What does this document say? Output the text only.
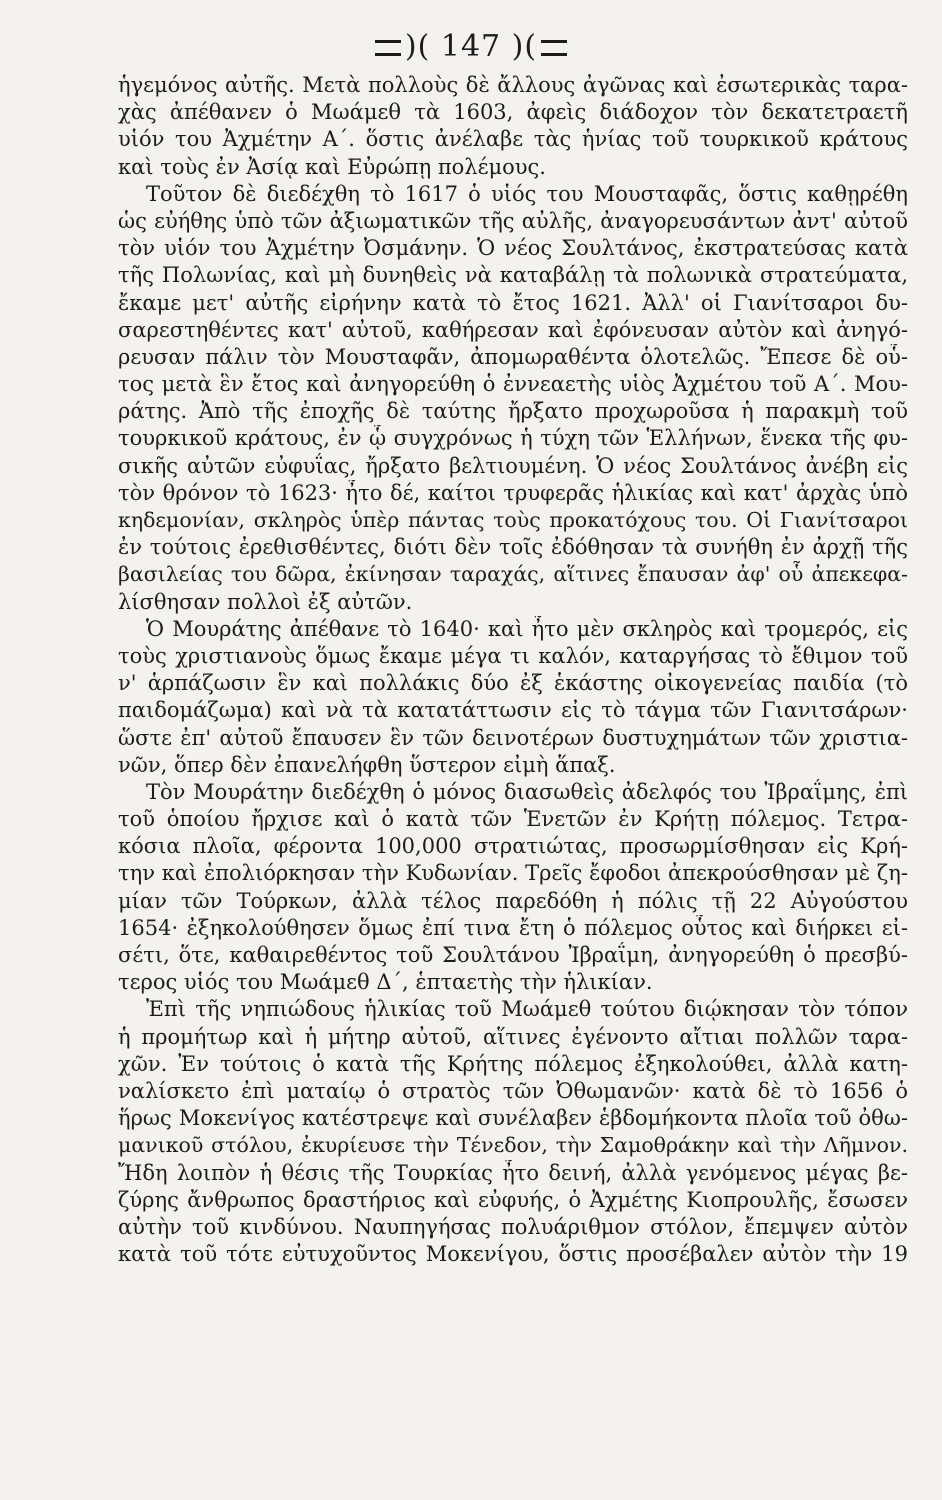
)( 147 )(
ἡγεμόνος αὐτῆς. Μετὰ πολλοὺς δὲ ἄλλους ἀγῶνας καὶ ἐσωτερικὰς ταρα-
χὰς ἀπέθανεν ὁ Μωάμεθ τὰ 1603, ἀφεὶς διάδοχον τὸν δεκατετραετῆ
υἱόν του Ἀχμέτην Α΄. ὅστις ἀνέλαβε τὰς ἡνίας τοῦ τουρκικοῦ κράτους
καὶ τοὺς ἐν Ἀσίᾳ καὶ Εὐρώπῃ πολέμους.
Τοῦτον δὲ διεδέχθη τὸ 1617 ὁ υἱός του Μουσταφᾶς, ὅστις καθῃρέθη
ὡς εὐήθης ὑπὸ τῶν ἀξιωματικῶν τῆς αὐλῆς, ἀναγορευσάντων ἀντ' αὐτοῦ
τὸν υἱόν του Ἀχμέτην Ὀσμάνην. Ὁ νέος Σουλτάνος, ἐκστρατεύσας κατὰ
τῆς Πολωνίας, καὶ μὴ δυνηθεὶς νὰ καταβάλῃ τὰ πολωνικὰ στρατεύματα,
ἔκαμε μετ' αὐτῆς εἰρήνην κατὰ τὸ ἔτος 1621. Ἀλλ' οἱ Γιανίτσαροι δυ-
σαρεστηθέντες κατ' αὐτοῦ, καθήρεσαν καὶ ἐφόνευσαν αὐτὸν καὶ ἀνηγό-
ρευσαν πάλιν τὸν Μουσταφᾶν, ἀπομωραθέντα ὁλοτελῶς. Ἔπεσε δὲ οὗ-
τος μετὰ ἓν ἔτος καὶ ἀνηγορεύθη ὁ ἐννεαετὴς υἱὸς Ἀχμέτου τοῦ Α΄. Μου-
ράτης. Ἀπὸ τῆς ἐποχῆς δὲ ταύτης ἤρξατο προχωροῦσα ἡ παρακμὴ τοῦ
τουρκικοῦ κράτους, ἐν ᾧ συγχρόνως ἡ τύχη τῶν Ἑλλήνων, ἕνεκα τῆς φυ-
σικῆς αὐτῶν εὐφυΐας, ἤρξατο βελτιουμένη. Ὁ νέος Σουλτάνος ἀνέβη εἰς
τὸν θρόνον τὸ 1623· ἦτο δέ, καίτοι τρυφερᾶς ἡλικίας καὶ κατ' ἀρχὰς ὑπὸ
κηδεμονίαν, σκληρὸς ὑπὲρ πάντας τοὺς προκατόχους του. Οἱ Γιανίτσαροι
ἐν τούτοις ἐρεθισθέντες, διότι δὲν τοῖς ἐδόθησαν τὰ συνήθη ἐν ἀρχῇ τῆς
βασιλείας του δῶρα, ἐκίνησαν ταραχάς, αἵτινες ἔπαυσαν ἀφ' οὗ ἀπεκεφα-
λίσθησαν πολλοὶ ἐξ αὐτῶν.
Ὁ Μουράτης ἀπέθανε τὸ 1640· καὶ ἦτο μὲν σκληρὸς καὶ τρομερός, εἰς
τοὺς χριστιανοὺς ὅμως ἔκαμε μέγα τι καλόν, καταργήσας τὸ ἔθιμον τοῦ
ν' ἁρπάζωσιν ἓν καὶ πολλάκις δύο ἐξ ἑκάστης οἰκογενείας παιδία (τὸ
παιδομάζωμα) καὶ νὰ τὰ κατατάττωσιν εἰς τὸ τάγμα τῶν Γιανιτσάρων·
ὥστε ἐπ' αὐτοῦ ἔπαυσεν ἓν τῶν δεινοτέρων δυστυχημάτων τῶν χριστια-
νῶν, ὅπερ δὲν ἐπανελήφθη ὕστερον εἰμὴ ἅπαξ.
Τὸν Μουράτην διεδέχθη ὁ μόνος διασωθεὶς ἀδελφός του Ἰβραΐμης, ἐπὶ
τοῦ ὁποίου ἤρχισε καὶ ὁ κατὰ τῶν Ἑνετῶν ἐν Κρήτῃ πόλεμος. Τετρα-
κόσια πλοῖα, φέροντα 100,000 στρατιώτας, προσωρμίσθησαν εἰς Κρή-
την καὶ ἐπολιόρκησαν τὴν Κυδωνίαν. Τρεῖς ἔφοδοι ἀπεκρούσθησαν μὲ ζη-
μίαν τῶν Τούρκων, ἀλλὰ τέλος παρεδόθη ἡ πόλις τῇ 22 Αὐγούστου
1654· ἐξηκολούθησεν ὅμως ἐπί τινα ἔτη ὁ πόλεμος οὗτος καὶ διήρκει εἰ-
σέτι, ὅτε, καθαιρεθέντος τοῦ Σουλτάνου Ἰβραΐμη, ἀνηγορεύθη ὁ πρεσβύ-
τερος υἱός του Μωάμεθ Δ΄, ἑπταετὴς τὴν ἡλικίαν.
Ἐπὶ τῆς νηπιώδους ἡλικίας τοῦ Μωάμεθ τούτου διῴκησαν τὸν τόπον
ἡ προμήτωρ καὶ ἡ μήτηρ αὐτοῦ, αἵτινες ἐγένοντο αἴτιαι πολλῶν ταρα-
χῶν. Ἐν τούτοις ὁ κατὰ τῆς Κρήτης πόλεμος ἐξηκολούθει, ἀλλὰ κατη-
ναλίσκετο ἐπὶ ματαίῳ ὁ στρατὸς τῶν Ὀθωμανῶν· κατὰ δὲ τὸ 1656 ὁ
ἥρως Μοκενίγος κατέστρεψε καὶ συνέλαβεν ἑβδομήκοντα πλοῖα τοῦ ὀθω-
μανικοῦ στόλου, ἐκυρίευσε τὴν Τένεδον, τὴν Σαμοθράκην καὶ τὴν Λῆμνον.
Ἤδη λοιπὸν ἡ θέσις τῆς Τουρκίας ἦτο δεινή, ἀλλὰ γενόμενος μέγας βε-
ζύρης ἄνθρωπος δραστήριος καὶ εὐφυής, ὁ Ἀχμέτης Κιοπρουλῆς, ἔσωσεν
αὐτὴν τοῦ κινδύνου. Ναυπηγήσας πολυάριθμον στόλον, ἔπεμψεν αὐτὸν
κατὰ τοῦ τότε εὐτυχοῦντος Μοκενίγου, ὅστις προσέβαλεν αὐτὸν τὴν 19
